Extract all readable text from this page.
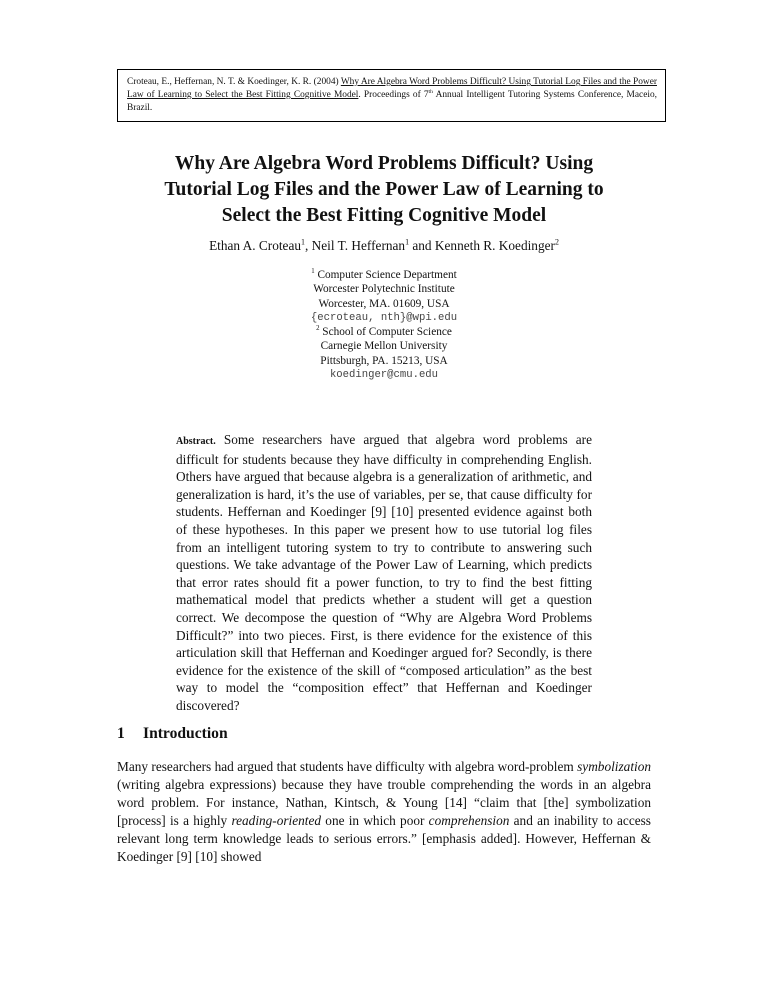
Croteau, E., Heffernan, N. T. & Koedinger, K. R. (2004) Why Are Algebra Word Problems Difficult? Using Tutorial Log Files and the Power Law of Learning to Select the Best Fitting Cognitive Model. Proceedings of 7th Annual Intelligent Tutoring Systems Conference, Maceio, Brazil.
Why Are Algebra Word Problems Difficult? Using
Tutorial Log Files and the Power Law of Learning to
Select the Best Fitting Cognitive Model
Ethan A. Croteau$^1$, Neil T. Heffernan$^1$ and Kenneth R. Koedinger$^2$
$^1$ Computer Science Department
Worcester Polytechnic Institute
Worcester, MA. 01609, USA
{ecroteau, nth}@wpi.edu
$^2$ School of Computer Science
Carnegie Mellon University
Pittsburgh, PA. 15213, USA
koedinger@cmu.edu
Abstract. Some researchers have argued that algebra word problems are difficult for students because they have difficulty in comprehending English. Others have argued that because algebra is a generalization of arithmetic, and generalization is hard, it’s the use of variables, per se, that cause difficulty for students. Heffernan and Koedinger [9] [10] presented evidence against both of these hypotheses. In this paper we present how to use tutorial log files from an intelligent tutoring system to try to contribute to answering such questions. We take advantage of the Power Law of Learning, which predicts that error rates should fit a power function, to try to find the best fitting mathematical model that predicts whether a student will get a question correct. We decompose the question of “Why are Algebra Word Problems Difficult?” into two pieces. First, is there evidence for the existence of this articulation skill that Heffernan and Koedinger argued for? Secondly, is there evidence for the existence of the skill of “composed articulation” as the best way to model the “composition effect” that Heffernan and Koedinger discovered?
1 Introduction
Many researchers had argued that students have difficulty with algebra word-problem symbolization (writing algebra expressions) because they have trouble comprehending the words in an algebra word problem. For instance, Nathan, Kintsch, & Young [14] “claim that [the] symbolization [process] is a highly reading-oriented one in which poor comprehension and an inability to access relevant long term knowledge leads to serious errors.” [emphasis added]. However, Heffernan & Koedinger [9] [10] showed
